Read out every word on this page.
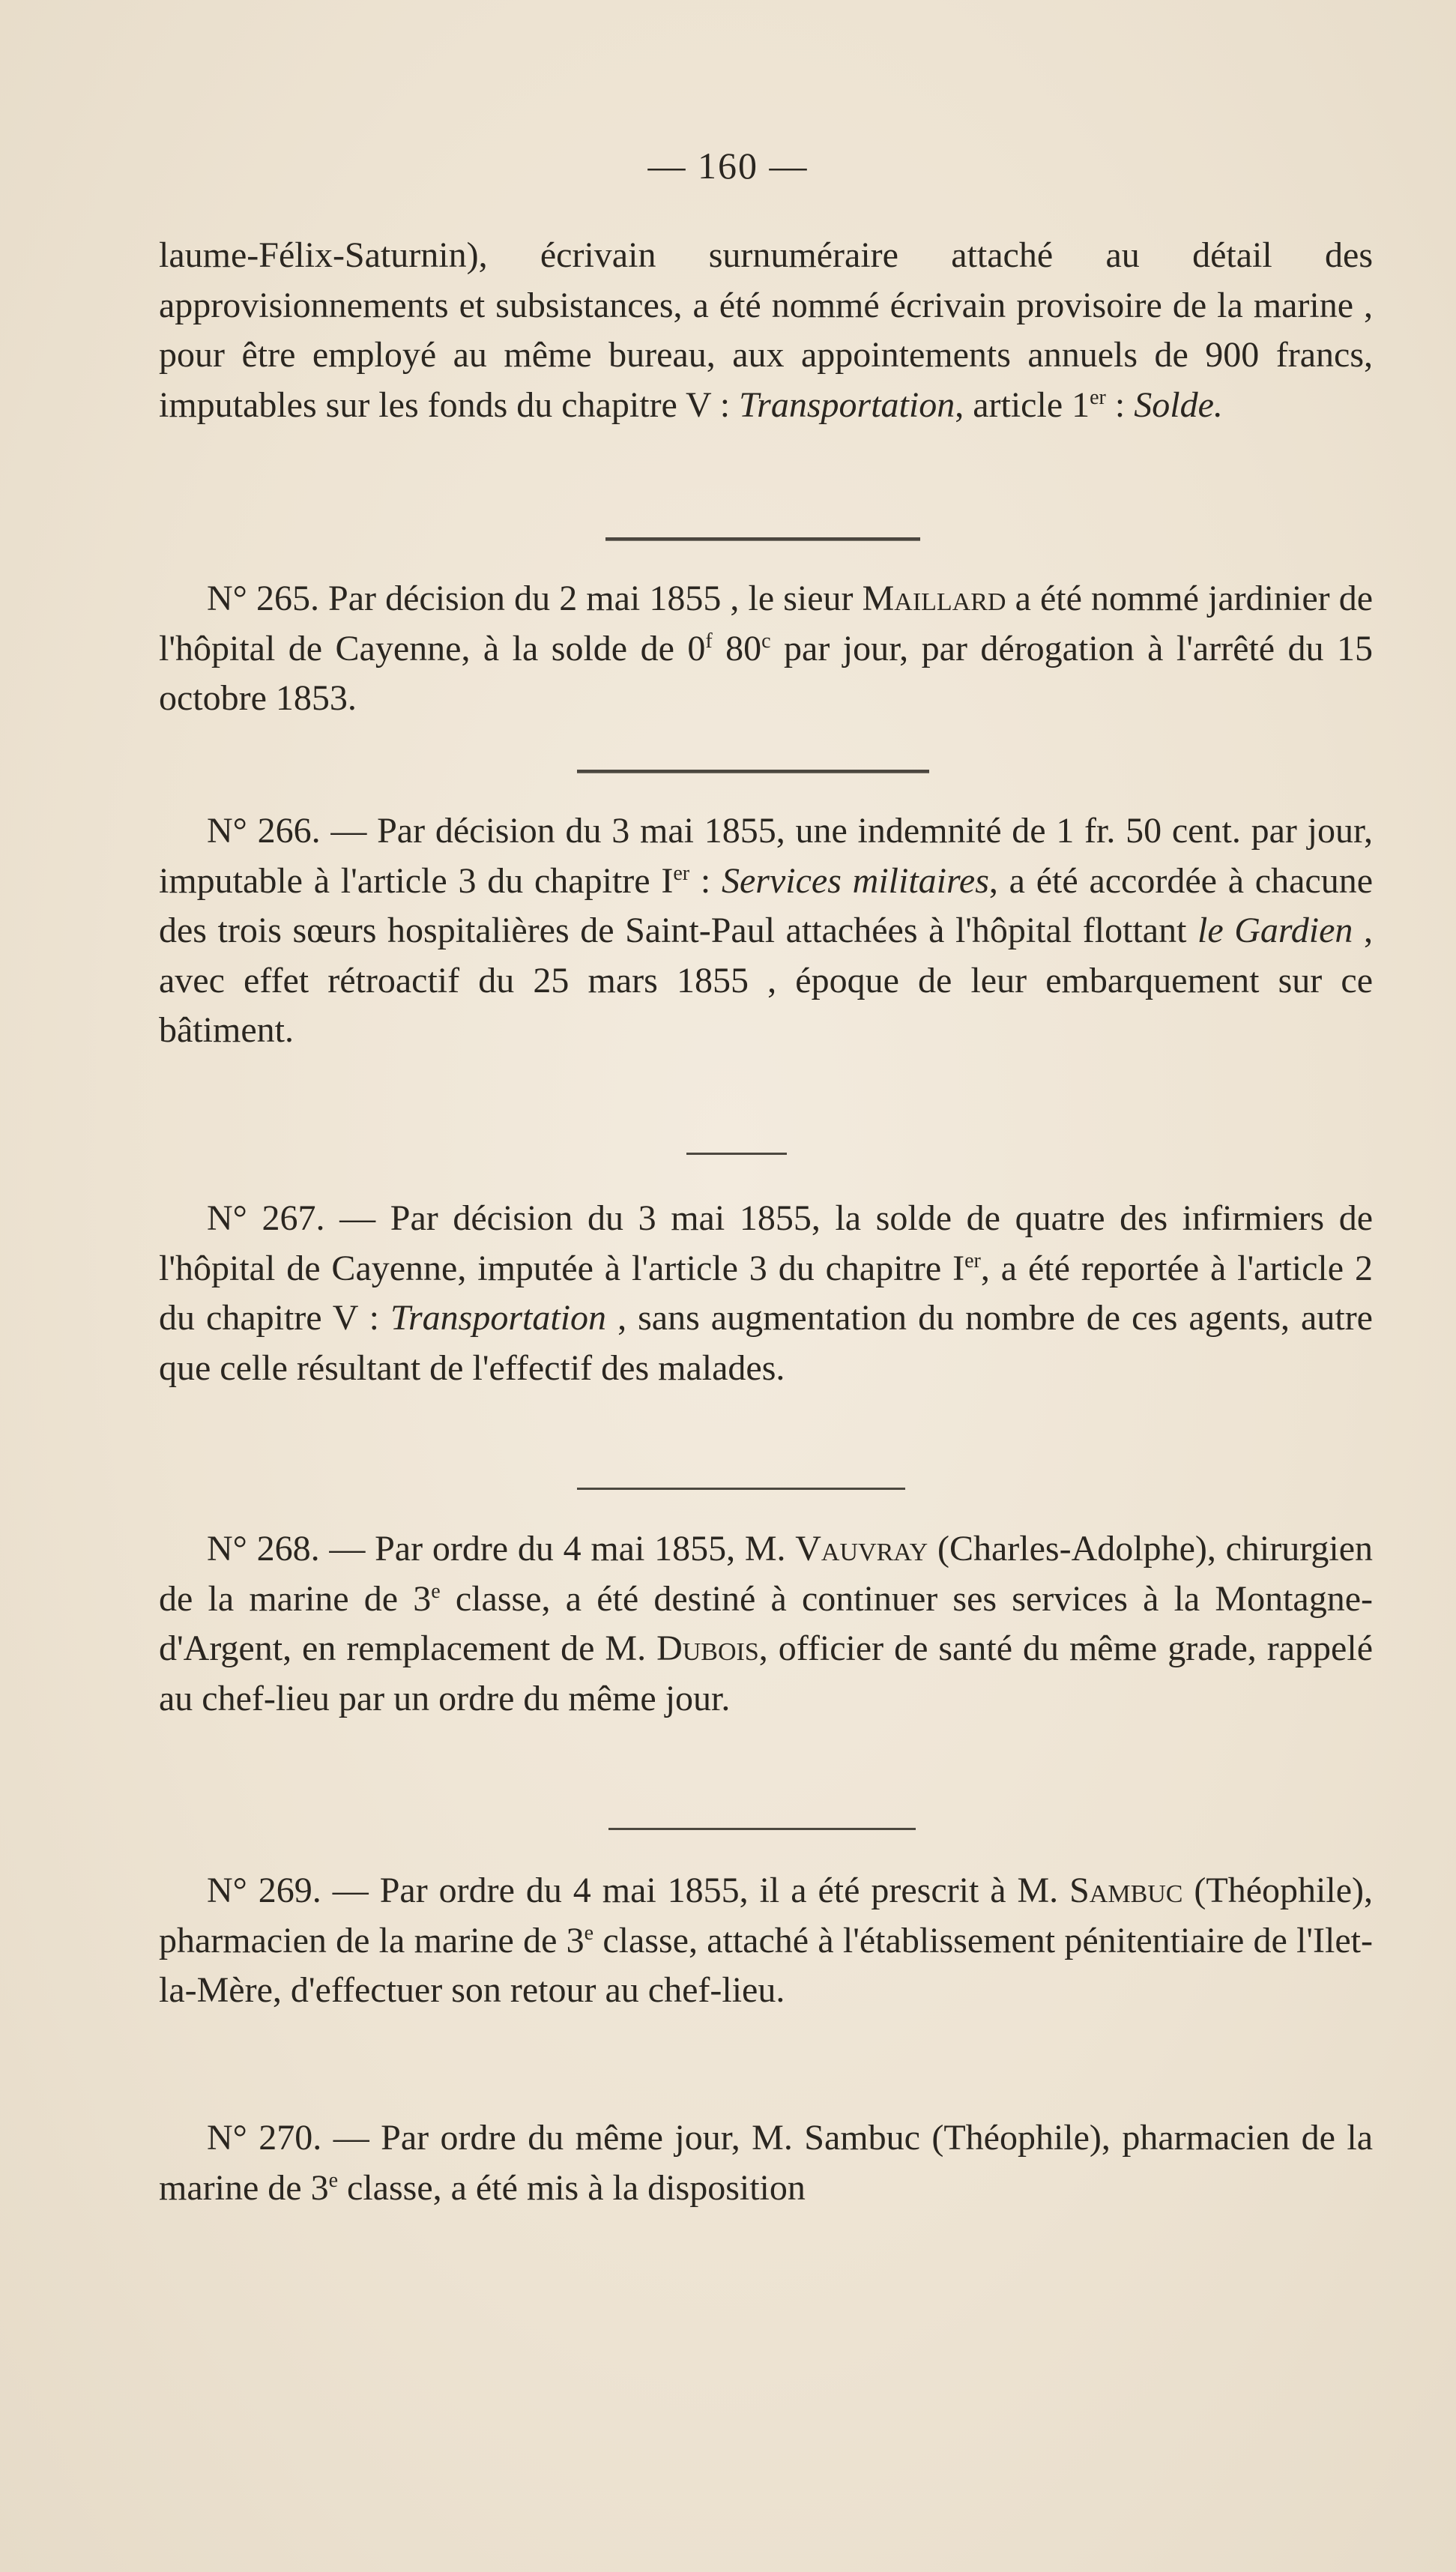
— 160 —

laume-Félix-Saturnin), écrivain surnuméraire attaché au détail des approvisionnements et subsistances, a été nommé écrivain provisoire de la marine , pour être employé au même bureau, aux appointements annuels de 900 francs, imputables sur les fonds du chapitre V : Transportation, article 1er : Solde.

N° 265. Par décision du 2 mai 1855 , le sieur Maillard a été nommé jardinier de l'hôpital de Cayenne, à la solde de 0$^f$ 80$^c$ par jour, par dérogation à l'arrêté du 15 octobre 1853.

N° 266. — Par décision du 3 mai 1855, une indemnité de 1 fr. 50 cent. par jour, imputable à l'article 3 du chapitre Ier : Services militaires, a été accordée à chacune des trois sœurs hospitalières de Saint-Paul attachées à l'hôpital flottant le Gardien , avec effet rétroactif du 25 mars 1855 , époque de leur embarquement sur ce bâtiment.

N° 267. — Par décision du 3 mai 1855, la solde de quatre des infirmiers de l'hôpital de Cayenne, imputée à l'article 3 du chapitre Ier, a été reportée à l'article 2 du chapitre V : Transportation , sans augmentation du nombre de ces agents, autre que celle résultant de l'effectif des malades.

N° 268. — Par ordre du 4 mai 1855, M. Vauvray (Charles-Adolphe), chirurgien de la marine de 3e classe, a été destiné à continuer ses services à la Montagne-d'Argent, en remplacement de M. Dubois, officier de santé du même grade, rappelé au chef-lieu par un ordre du même jour.

N° 269. — Par ordre du 4 mai 1855, il a été prescrit à M. Sambuc (Théophile), pharmacien de la marine de 3e classe, attaché à l'établissement pénitentiaire de l'Ilet-la-Mère, d'effectuer son retour au chef-lieu.

N° 270. — Par ordre du même jour, M. Sambuc (Théophile), pharmacien de la marine de 3e classe, a été mis à la disposition
